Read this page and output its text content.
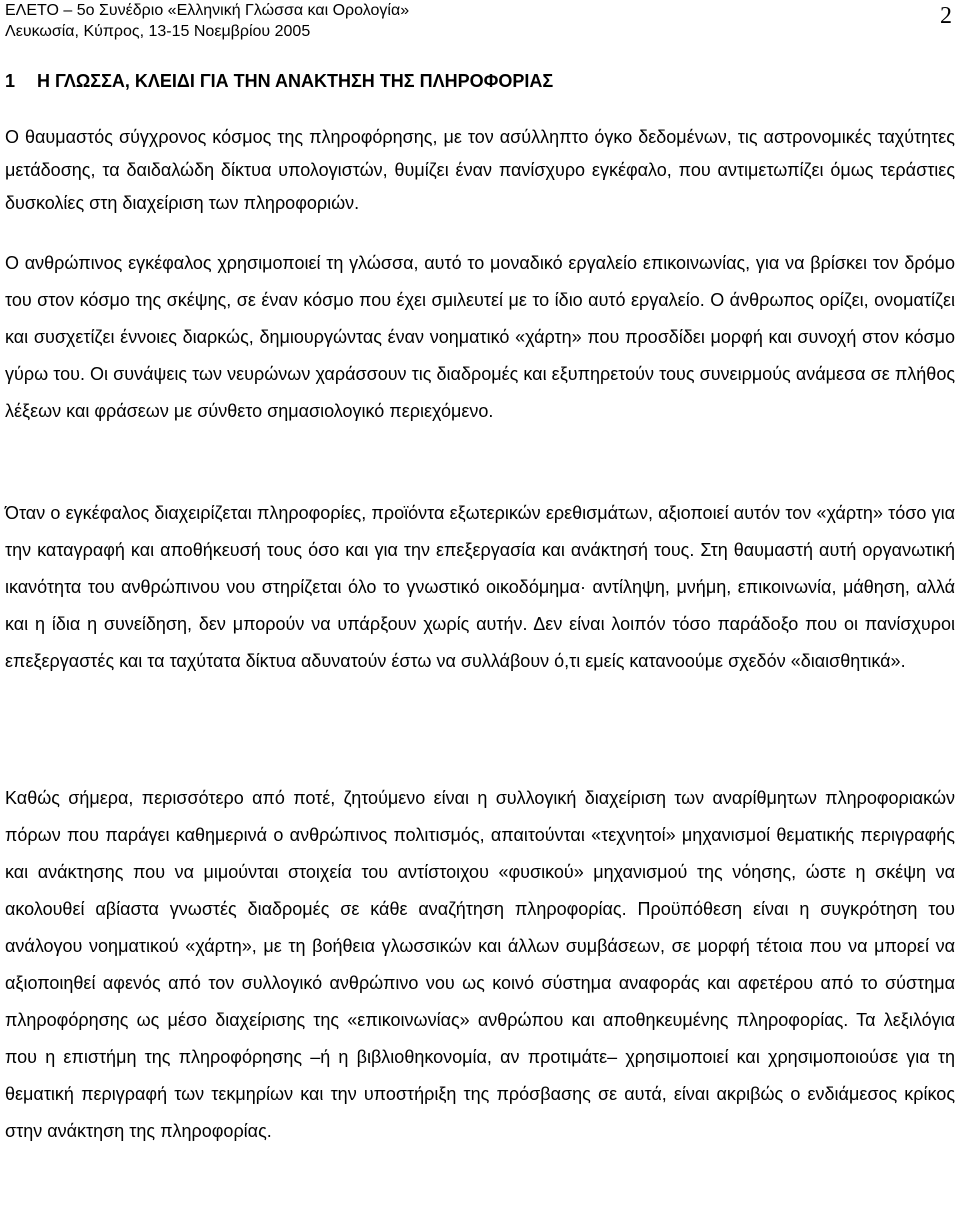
ΕΛΕΤΟ – 5ο Συνέδριο «Ελληνική Γλώσσα και Ορολογία»
Λευκωσία, Κύπρος, 13-15 Νοεμβρίου 2005
2
1 Η ΓΛΩΣΣΑ, ΚΛΕΙΔΙ ΓΙΑ ΤΗΝ ΑΝΑΚΤΗΣΗ ΤΗΣ ΠΛΗΡΟΦΟΡΙΑΣ

Ο θαυμαστός σύγχρονος κόσμος της πληροφόρησης, με τον ασύλληπτο όγκο δεδομένων, τις αστρονομικές ταχύτητες μετάδοσης, τα δαιδαλώδη δίκτυα υπολογιστών, θυμίζει έναν πανίσχυρο εγκέφαλο, που αντιμετωπίζει όμως τεράστιες δυσκολίες στη διαχείριση των πληροφοριών.

Ο ανθρώπινος εγκέφαλος χρησιμοποιεί τη γλώσσα, αυτό το μοναδικό εργαλείο επικοινωνίας, για να βρίσκει τον δρόμο του στον κόσμο της σκέψης, σε έναν κόσμο που έχει σμιλευτεί με το ίδιο αυτό εργαλείο. Ο άνθρωπος ορίζει, ονοματίζει και συσχετίζει έννοιες διαρκώς, δημιουργώντας έναν νοηματικό «χάρτη» που προσδίδει μορφή και συνοχή στον κόσμο γύρω του. Οι συνάψεις των νευρώνων χαράσσουν τις διαδρομές και εξυπηρετούν τους συνειρμούς ανάμεσα σε πλήθος λέξεων και φράσεων με σύνθετο σημασιολογικό περιεχόμενο.

Όταν ο εγκέφαλος διαχειρίζεται πληροφορίες, προϊόντα εξωτερικών ερεθισμάτων, αξιοποιεί αυτόν τον «χάρτη» τόσο για την καταγραφή και αποθήκευσή τους όσο και για την επεξεργασία και ανάκτησή τους. Στη θαυμαστή αυτή οργανωτική ικανότητα του ανθρώπινου νου στηρίζεται όλο το γνωστικό οικοδόμημα· αντίληψη, μνήμη, επικοινωνία, μάθηση, αλλά και η ίδια η συνείδηση, δεν μπορούν να υπάρξουν χωρίς αυτήν. Δεν είναι λοιπόν τόσο παράδοξο που οι πανίσχυροι επεξεργαστές και τα ταχύτατα δίκτυα αδυνατούν έστω να συλλάβουν ό,τι εμείς κατανοούμε σχεδόν «διαισθητικά».

Καθώς σήμερα, περισσότερο από ποτέ, ζητούμενο είναι η συλλογική διαχείριση των αναρίθμητων πληροφοριακών πόρων που παράγει καθημερινά ο ανθρώπινος πολιτισμός, απαιτούνται «τεχνητοί» μηχανισμοί θεματικής περιγραφής και ανάκτησης που να μιμούνται στοιχεία του αντίστοιχου «φυσικού» μηχανισμού της νόησης, ώστε η σκέψη να ακολουθεί αβίαστα γνωστές διαδρομές σε κάθε αναζήτηση πληροφορίας. Προϋπόθεση είναι η συγκρότηση του ανάλογου νοηματικού «χάρτη», με τη βοήθεια γλωσσικών και άλλων συμβάσεων, σε μορφή τέτοια που να μπορεί να αξιοποιηθεί αφενός από τον συλλογικό ανθρώπινο νου ως κοινό σύστημα αναφοράς και αφετέρου από το σύστημα πληροφόρησης ως μέσο διαχείρισης της «επικοινωνίας» ανθρώπου και αποθηκευμένης πληροφορίας. Τα λεξιλόγια που η επιστήμη της πληροφόρησης –ή η βιβλιοθηκονομία, αν προτιμάτε– χρησιμοποιεί και χρησιμοποιούσε για τη θεματική περιγραφή των τεκμηρίων και την υποστήριξη της πρόσβασης σε αυτά, είναι ακριβώς ο ενδιάμεσος κρίκος στην ανάκτηση της πληροφορίας.
